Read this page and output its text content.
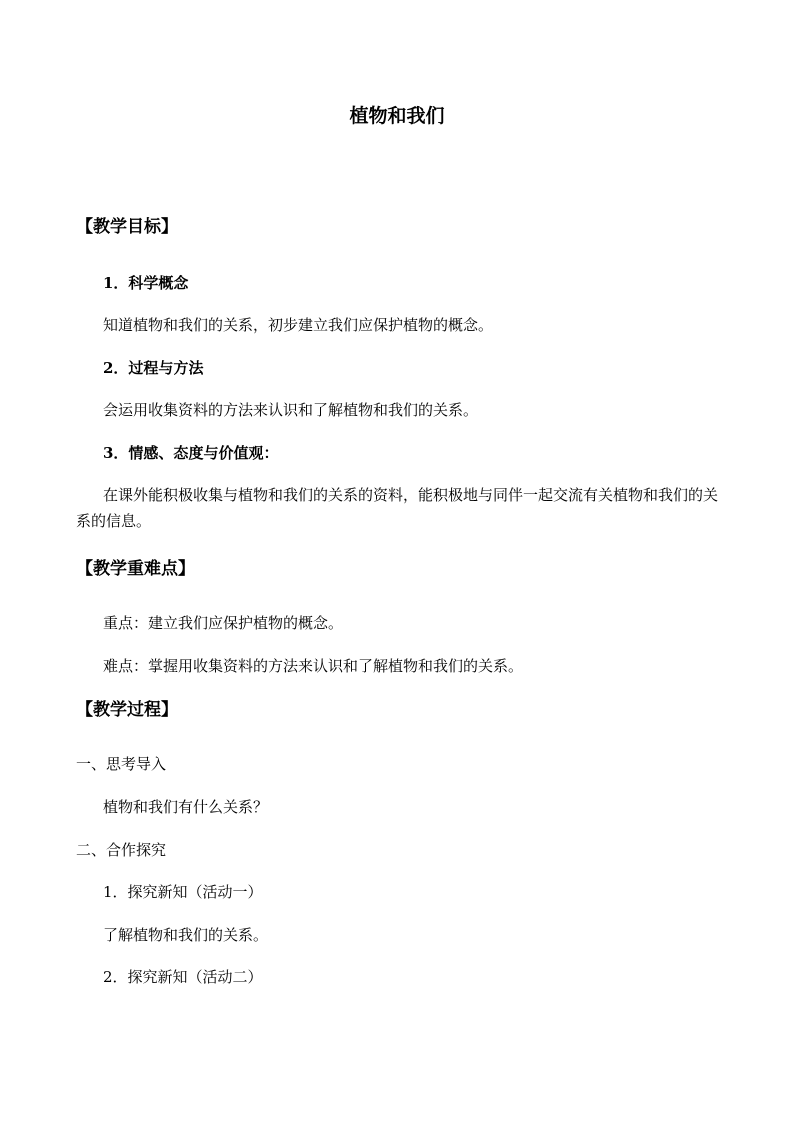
植物和我们
【教学目标】
1．科学概念
知道植物和我们的关系，初步建立我们应保护植物的概念。
2．过程与方法
会运用收集资料的方法来认识和了解植物和我们的关系。
3．情感、态度与价值观：
在课外能积极收集与植物和我们的关系的资料，能积极地与同伴一起交流有关植物和我们的关系的信息。
【教学重难点】
重点：建立我们应保护植物的概念。
难点：掌握用收集资料的方法来认识和了解植物和我们的关系。
【教学过程】
一、思考导入
植物和我们有什么关系？
二、合作探究
1．探究新知（活动一）
了解植物和我们的关系。
2．探究新知（活动二）
